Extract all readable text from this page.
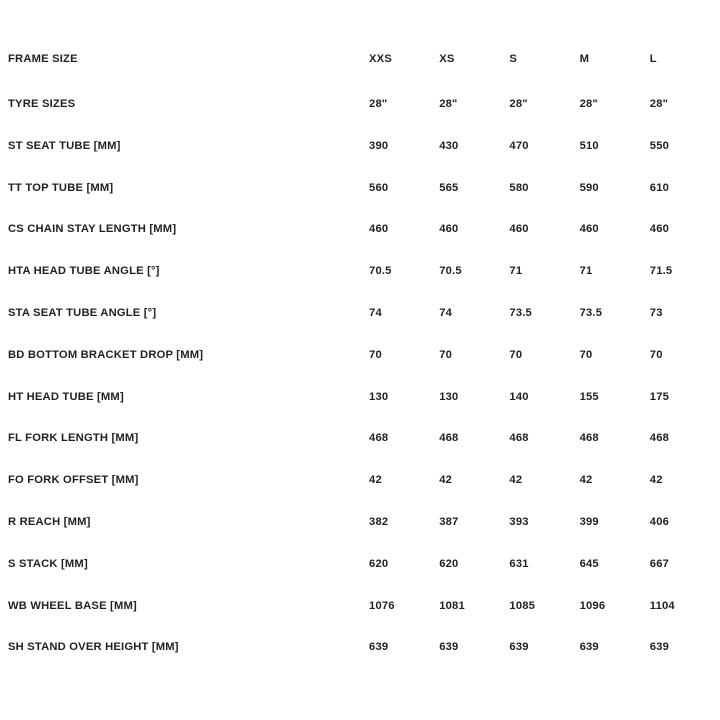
FRAME SIZE	XXS	XS	S	M	L
TYRE SIZES	28"	28"	28"	28"	28"
ST SEAT TUBE [MM]	390	430	470	510	550
TT TOP TUBE [MM]	560	565	580	590	610
CS CHAIN STAY LENGTH [MM]	460	460	460	460	460
HTA HEAD TUBE ANGLE [°]	70.5	70.5	71	71	71.5
STA SEAT TUBE ANGLE [°]	74	74	73.5	73.5	73
BD BOTTOM BRACKET DROP [MM]	70	70	70	70	70
HT HEAD TUBE [MM]	130	130	140	155	175
FL FORK LENGTH [MM]	468	468	468	468	468
FO FORK OFFSET [MM]	42	42	42	42	42
R REACH [MM]	382	387	393	399	406
S STACK [MM]	620	620	631	645	667
WB WHEEL BASE [MM]	1076	1081	1085	1096	1104
SH STAND OVER HEIGHT [MM]	639	639	639	639	639
